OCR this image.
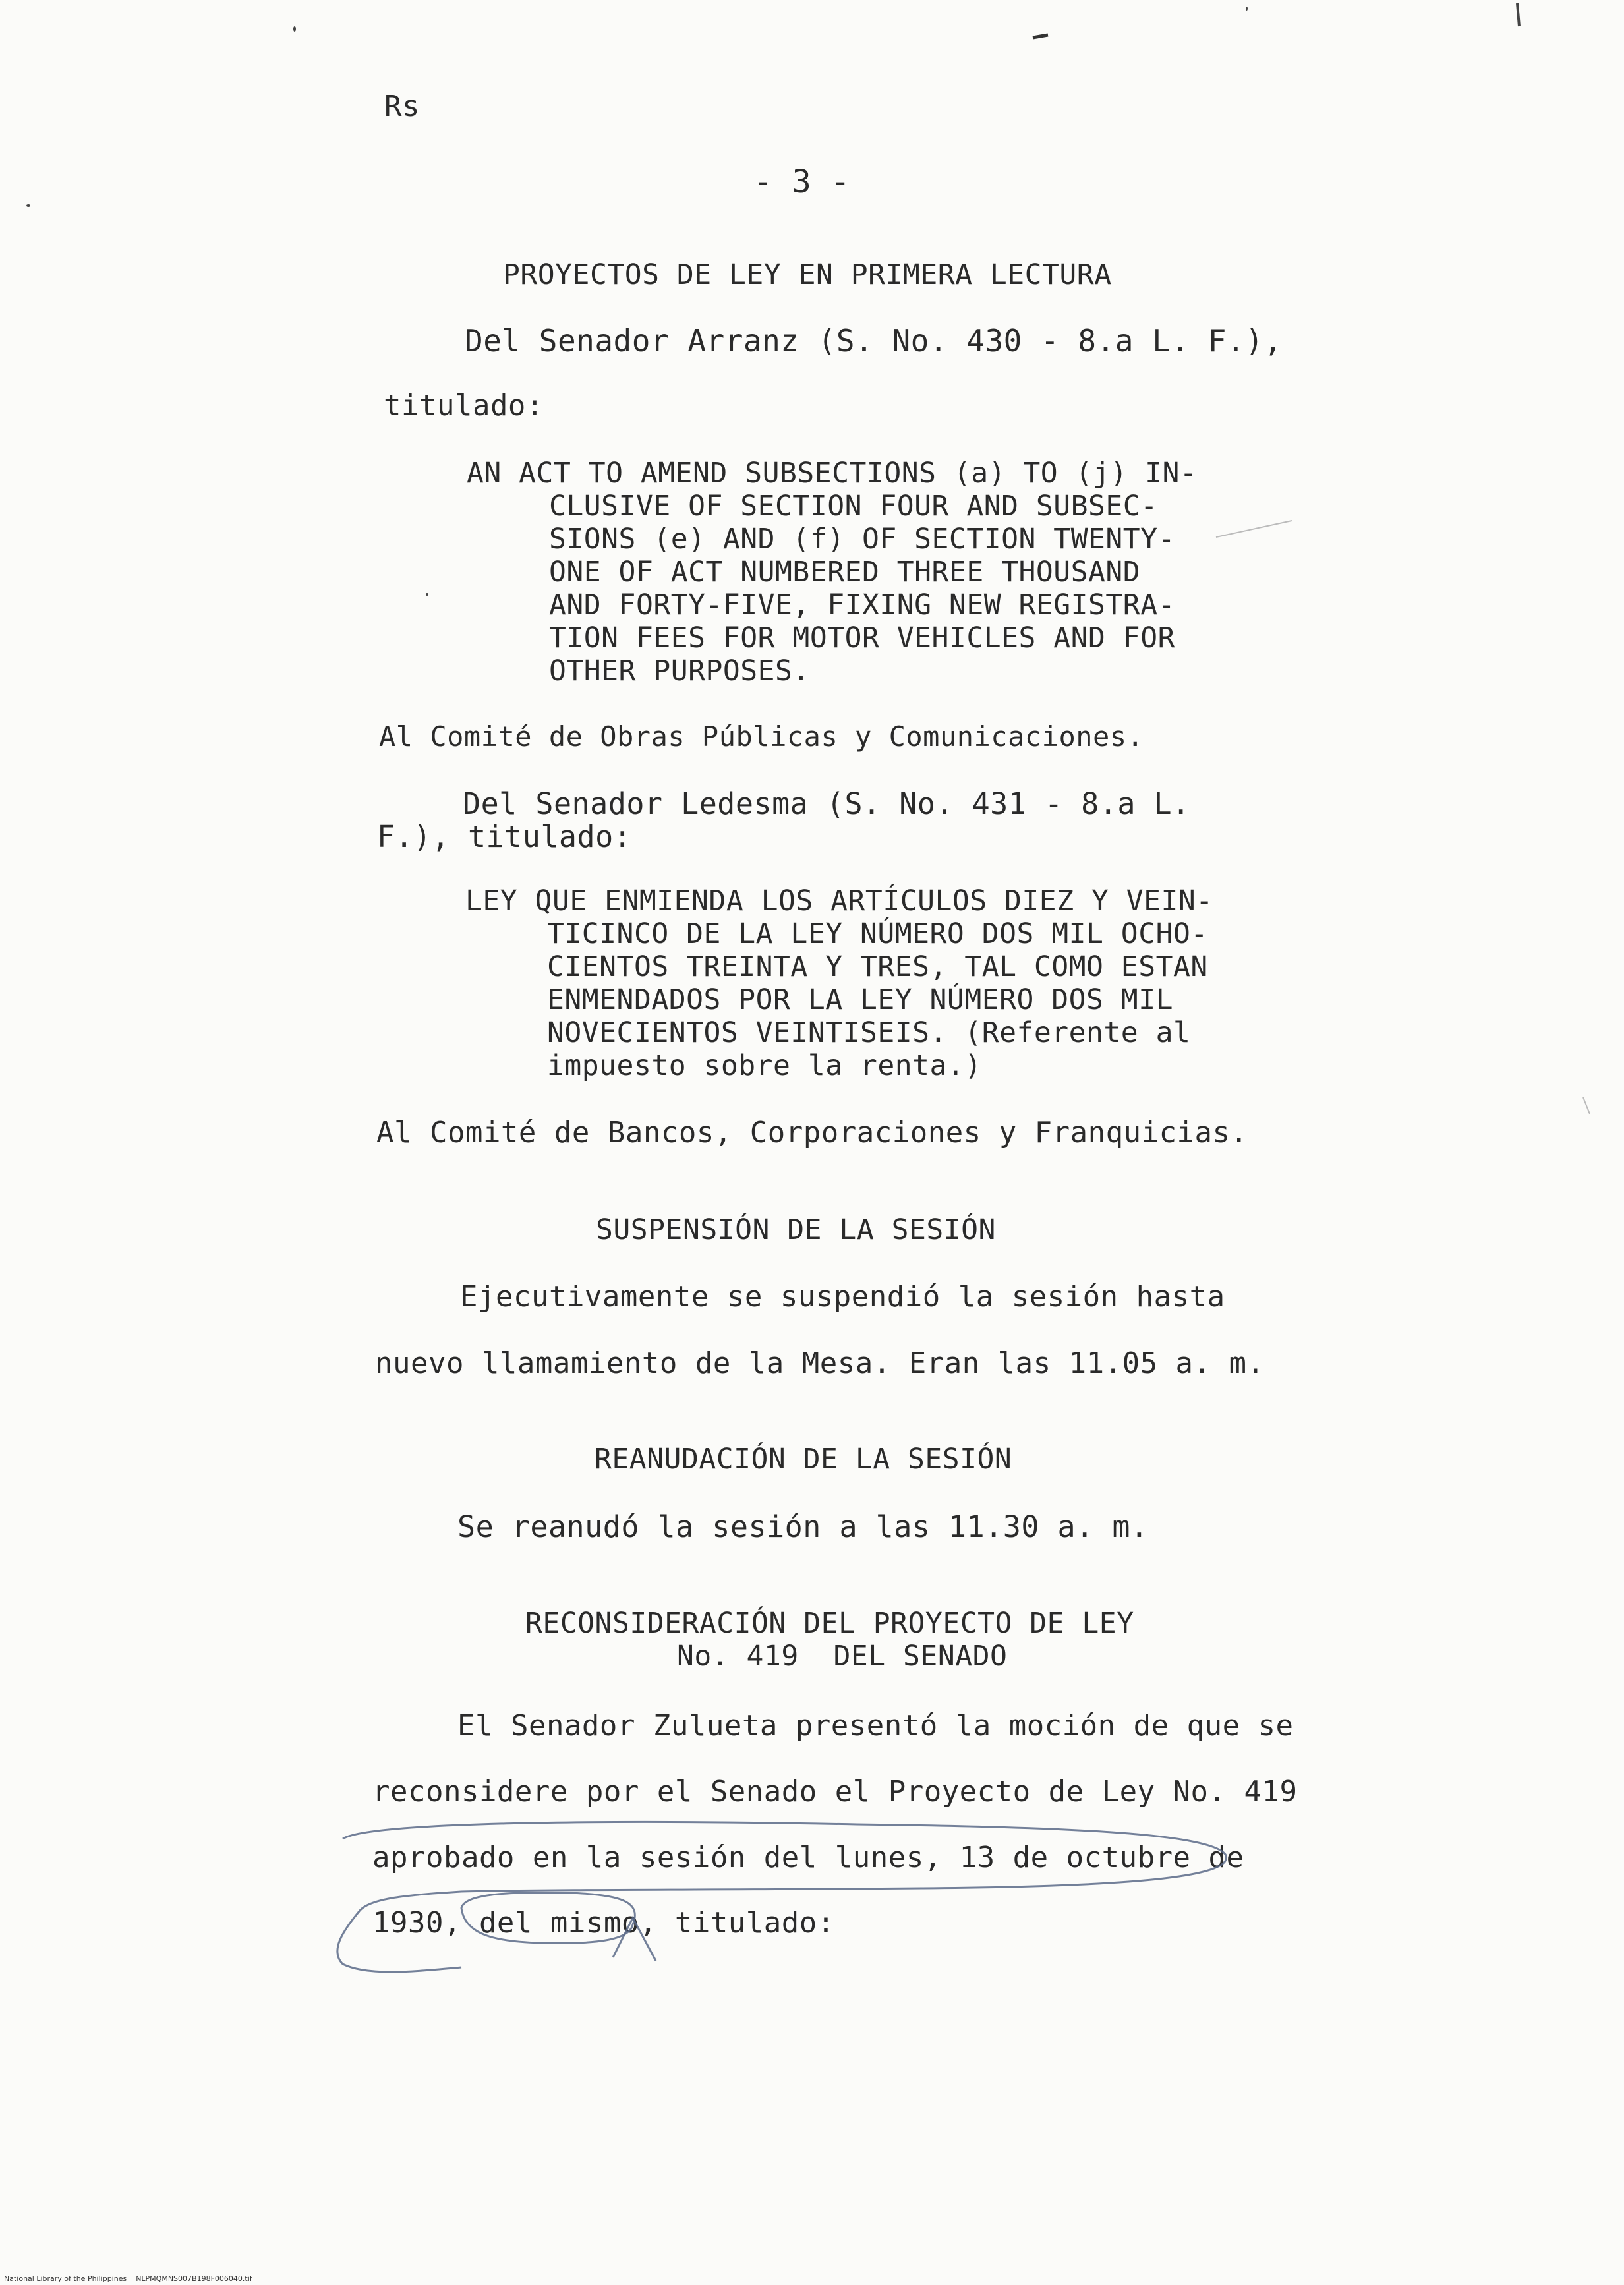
Rs
- 3 -
PROYECTOS DE LEY EN PRIMERA LECTURA
Del Senador Arranz (S. No. 430 - 8.a L. F.),
titulado:
AN ACT TO AMEND SUBSECTIONS (a) TO (j) IN-
CLUSIVE OF SECTION FOUR AND SUBSEC-
SIONS (e) AND (f) OF SECTION TWENTY-
ONE OF ACT NUMBERED THREE THOUSAND
AND FORTY-FIVE, FIXING NEW REGISTRA-
TION FEES FOR MOTOR VEHICLES AND FOR
OTHER PURPOSES.
Al Comité de Obras Públicas y Comunicaciones.
Del Senador Ledesma (S. No. 431 - 8.a L.
F.), titulado:
LEY QUE ENMIENDA LOS ARTÍCULOS DIEZ Y VEIN-
TICINCO DE LA LEY NÚMERO DOS MIL OCHO-
CIENTOS TREINTA Y TRES, TAL COMO ESTAN
ENMENDADOS POR LA LEY NÚMERO DOS MIL
NOVECIENTOS VEINTISEIS. (Referente al
impuesto sobre la renta.)
Al Comité de Bancos, Corporaciones y Franquicias.
SUSPENSIÓN DE LA SESIÓN
Ejecutivamente se suspendió la sesión hasta
nuevo llamamiento de la Mesa. Eran las 11.05 a. m.
REANUDACIÓN DE LA SESIÓN
Se reanudó la sesión a las 11.30 a. m.
RECONSIDERACIÓN DEL PROYECTO DE LEY
No. 419  DEL SENADO
El Senador Zulueta presentó la moción de que se
reconsidere por el Senado el Proyecto de Ley No. 419
aprobado en la sesión del lunes, 13 de octubre de
1930, del mismo, titulado:
National Library of the Philippines    NLPMQMNS007B198F006040.tif
